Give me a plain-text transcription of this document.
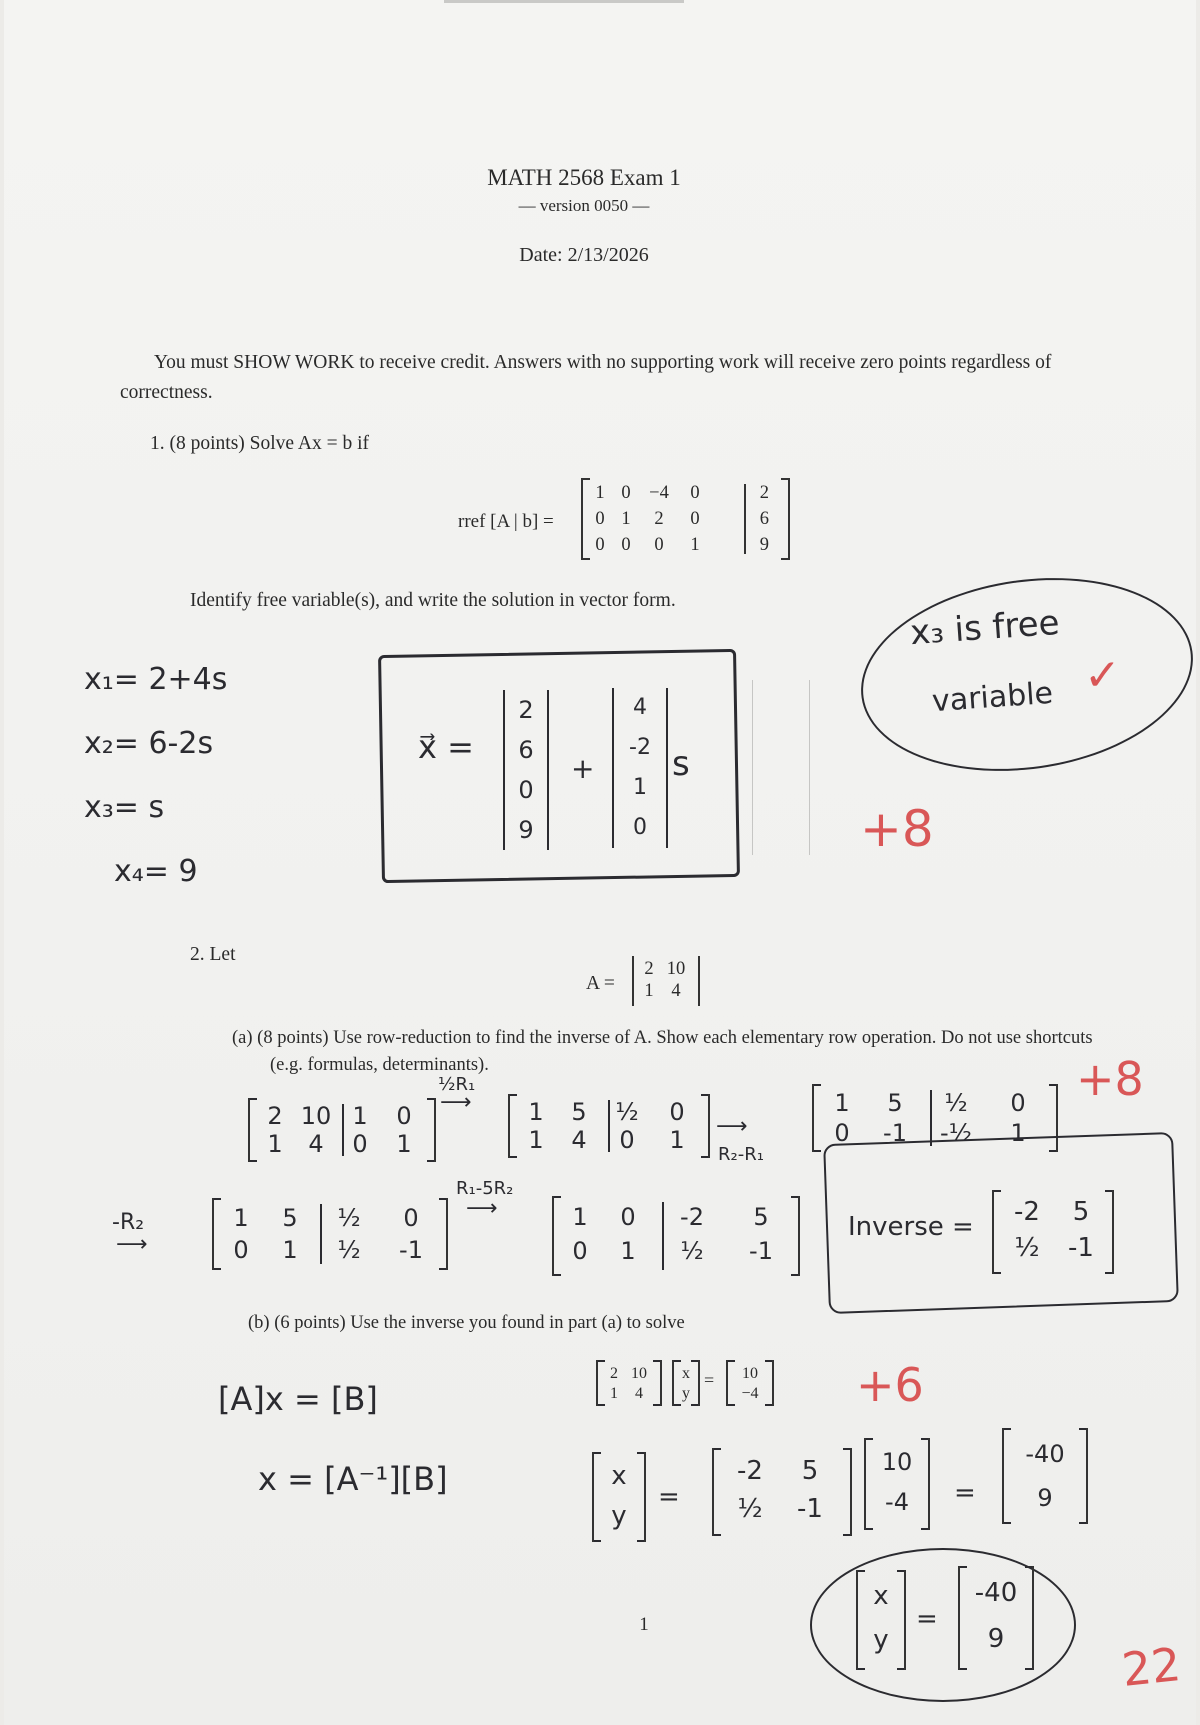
MATH 2568 Exam 1
— version 0050 —
Date: 2/13/2026
You must SHOW WORK to receive credit. Answers with no supporting work will receive zero points regardless of correctness.
1. (8 points) Solve Ax = b if
rref [A | b] =
1 0	−4	0	2
0 1	2	0	6
0 0	0	1	9
Identify free variable(s), and write the solution in vector form.
x₁= 2+4s
x₂= 6-2s
x₃= s
x₄= 9
x⃗ =
2
6
0
9
+
4
-2
1
0
s
x₃ is free
variable ✓
+8
2. Let
A =
2 10
1 4
(a) (8 points) Use row-reduction to find the inverse of A. Show each elementary row operation. Do not use shortcuts (e.g. formulas, determinants).
2 10 1	0
1	4	0	1
½R₁
⟶	1	5	½	0
1	4	0	1	⟶
R₂-R₁
1	5	½	0
0	-1	-½	1
+8
-R₂
⟶
1	5	½	0
0	1	½	-1
R₁-5R₂
⟶	1	0	-2	5
0	1	½	-1
Inverse =	-2	5
½	-1
(b) (6 points) Use the inverse you found in part (a) to solve
2 10
1	4
x
y
=	10
−4 +6
[A]x = [B]
x = [A⁻¹][B]	x
y
=
-2	5
½	-1
10
-4	=
-40
9
x
y
=
-40
9
1
22
